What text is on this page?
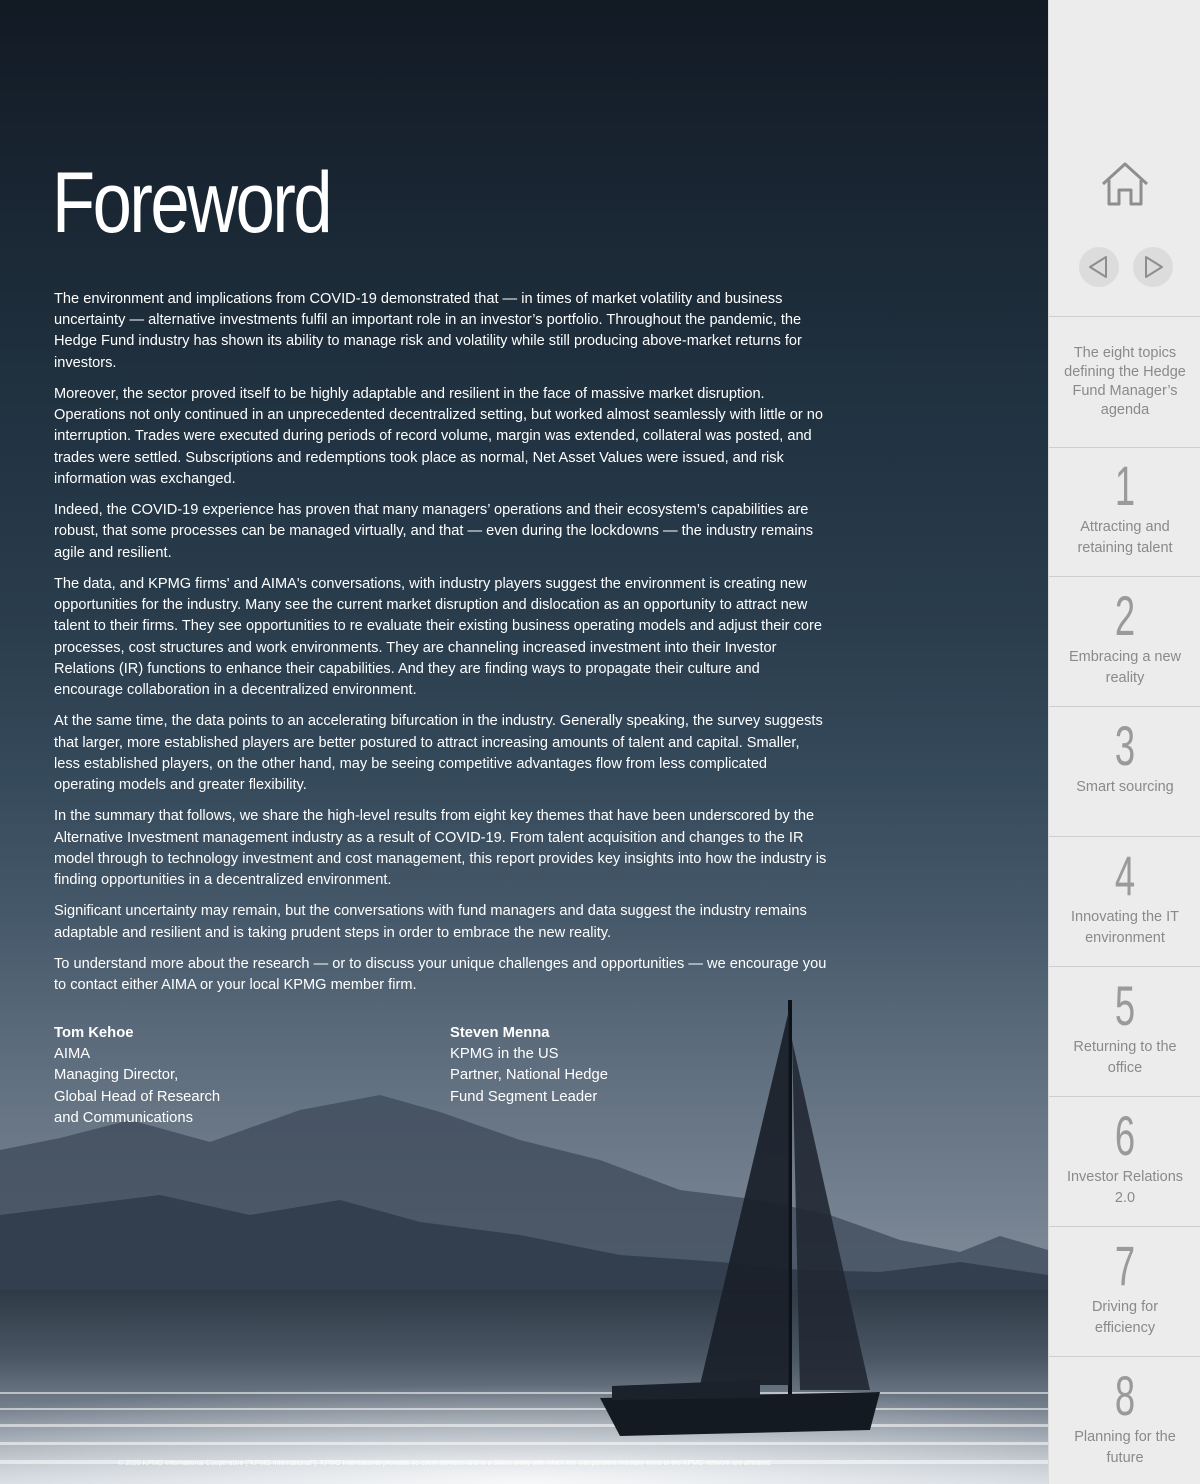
Foreword

The environment and implications from COVID-19 demonstrated that — in times of market volatility and business uncertainty — alternative investments fulfil an important role in an investor’s portfolio. Throughout the pandemic, the Hedge Fund industry has shown its ability to manage risk and volatility while still producing above-market returns for investors.

Moreover, the sector proved itself to be highly adaptable and resilient in the face of massive market disruption. Operations not only continued in an unprecedented decentralized setting, but worked almost seamlessly with little or no interruption. Trades were executed during periods of record volume, margin was extended, collateral was posted, and trades were settled. Subscriptions and redemptions took place as normal, Net Asset Values were issued, and risk information was exchanged.

Indeed, the COVID-19 experience has proven that many managers’ operations and their ecosystem’s capabilities are robust, that some processes can be managed virtually, and that — even during the lockdowns — the industry remains agile and resilient.

The data, and KPMG firms' and AIMA's conversations, with industry players suggest the environment is creating new opportunities for the industry. Many see the current market disruption and dislocation as an opportunity to attract new talent to their firms. They see opportunities to re evaluate their existing business operating models and adjust their core processes, cost structures and work environments. They are channeling increased investment into their Investor Relations (IR) functions to enhance their capabilities. And they are finding ways to propagate their culture and encourage collaboration in a decentralized environment.

At the same time, the data points to an accelerating bifurcation in the industry. Generally speaking, the survey suggests that larger, more established players are better postured to attract increasing amounts of talent and capital. Smaller, less established players, on the other hand, may be seeing competitive advantages flow from less complicated operating models and greater flexibility.

In the summary that follows, we share the high-level results from eight key themes that have been underscored by the Alternative Investment management industry as a result of COVID-19. From talent acquisition and changes to the IR model through to technology investment and cost management, this report provides key insights into how the industry is finding opportunities in a decentralized environment.

Significant uncertainty may remain, but the conversations with fund managers and data suggest the industry remains adaptable and resilient and is taking prudent steps in order to embrace the new reality.

To understand more about the research — or to discuss your unique challenges and opportunities — we encourage you to contact either AIMA or your local KPMG member firm.

Tom Kehoe
AIMA
Managing Director,
Global Head of Research
and Communications
Steven Menna
KPMG in the US
Partner, National Hedge
Fund Segment Leader
© 2020 KPMG International Cooperative ("KPMG International"). KPMG International provides no client services and is a Swiss entity with which the independent member firms of the KPMG network are affiliated.
The eight topics defining the Hedge Fund Manager’s agenda
1
Attracting and retaining talent
2
Embracing a new reality
3
Smart sourcing
4
Innovating the IT environment
5
Returning to the office
6
Investor Relations 2.0
7
Driving for efficiency
8
Planning for the future
